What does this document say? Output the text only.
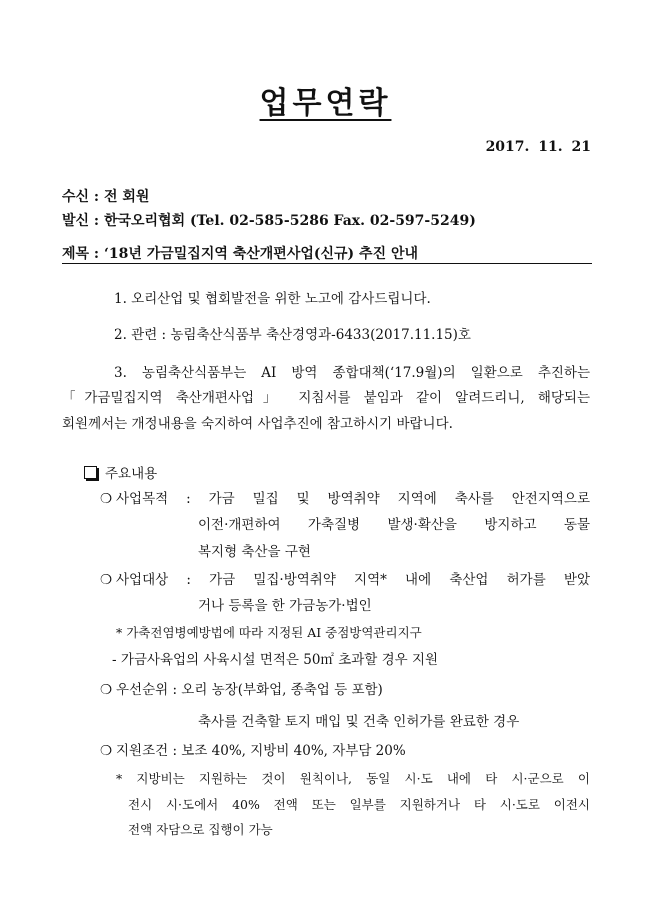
업무연락
2017. 11. 21
수신 : 전 회원
발신 : 한국오리협회 (Tel. 02-585-5286 Fax. 02-597-5249)
제목 : ‘18년 가금밀집지역 축산개편사업(신규) 추진 안내
1. 오리산업 및 협회발전을 위한 노고에 감사드립니다.
2. 관련 : 농림축산식품부 축산경영과-6433(2017.11.15)호
3. 농림축산식품부는 AI 방역 종합대책(‘17.9월)의 일환으로 추진하는
「가금밀집지역 축산개편사업」 지침서를 붙임과 같이 알려드리니, 해당되는
회원께서는 개정내용을 숙지하여 사업추진에 참고하시기 바랍니다.
주요내용
❍ 사업목적 : 가금 밀집 및 방역취약 지역에 축사를 안전지역으로
이전·개편하여 가축질병 발생·확산을 방지하고 동물
복지형 축산을 구현
❍ 사업대상 : 가금 밀집·방역취약 지역* 내에 축산업 허가를 받았
거나 등록을 한 가금농가·법인
* 가축전염병예방법에 따라 지정된 AI 중점방역관리지구
- 가금사육업의 사육시설 면적은 50㎡ 초과할 경우 지원
❍ 우선순위 : 오리 농장(부화업, 종축업 등 포함)
축사를 건축할 토지 매입 및 건축 인허가를 완료한 경우
❍ 지원조건 : 보조 40%, 지방비 40%, 자부담 20%
* 지방비는 지원하는 것이 원칙이나, 동일 시·도 내에 타 시·군으로 이
전시 시·도에서 40% 전액 또는 일부를 지원하거나 타 시·도로 이전시
전액 자담으로 집행이 가능
